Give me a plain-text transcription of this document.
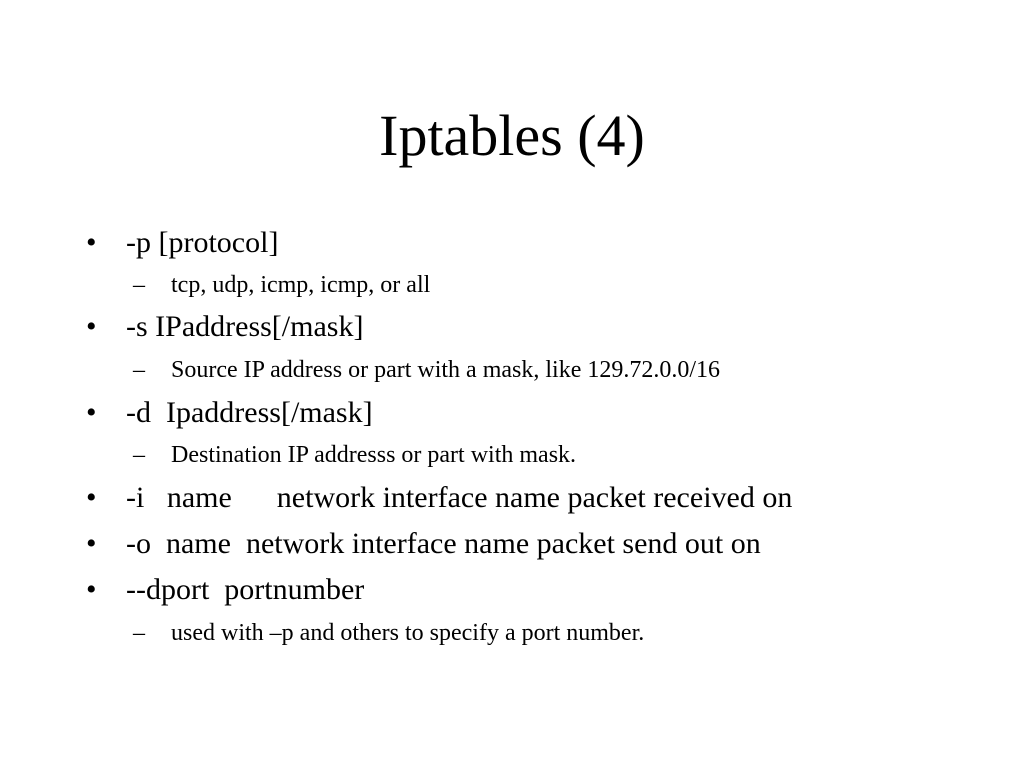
Iptables (4)

•

-p [protocol]

–

tcp, udp, icmp, icmp, or all

•

-s IPaddress[/mask]

–

Source IP address or part with a mask, like 129.72.0.0/16

•

-d  Ipaddress[/mask]

–

Destination IP addresss or part with mask.

•

-i   name      network interface name packet received on

•

-o  name  network interface name packet send out on

•

--dport  portnumber

–

used with –p and others to specify a port number.
